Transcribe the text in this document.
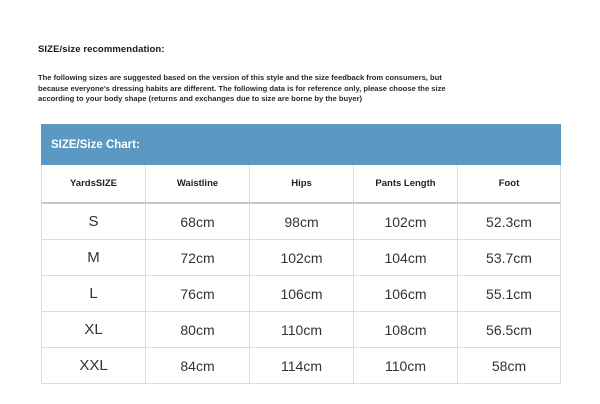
SIZE/size recommendation:
The following sizes are suggested based on the version of this style and the size feedback from consumers, but
because everyone's dressing habits are different. The following data is for reference only, please choose the size
according to your body shape (returns and exchanges due to size are borne by the buyer)
SIZE/Size Chart:				
YardsSIZE	Waistline	Hips	Pants Length	Foot
S	68cm	98cm	102cm	52.3cm
M	72cm	102cm	104cm	53.7cm
L	76cm	106cm	106cm	55.1cm
XL	80cm	110cm	108cm	56.5cm
XXL	84cm	114cm	110cm	58cm
